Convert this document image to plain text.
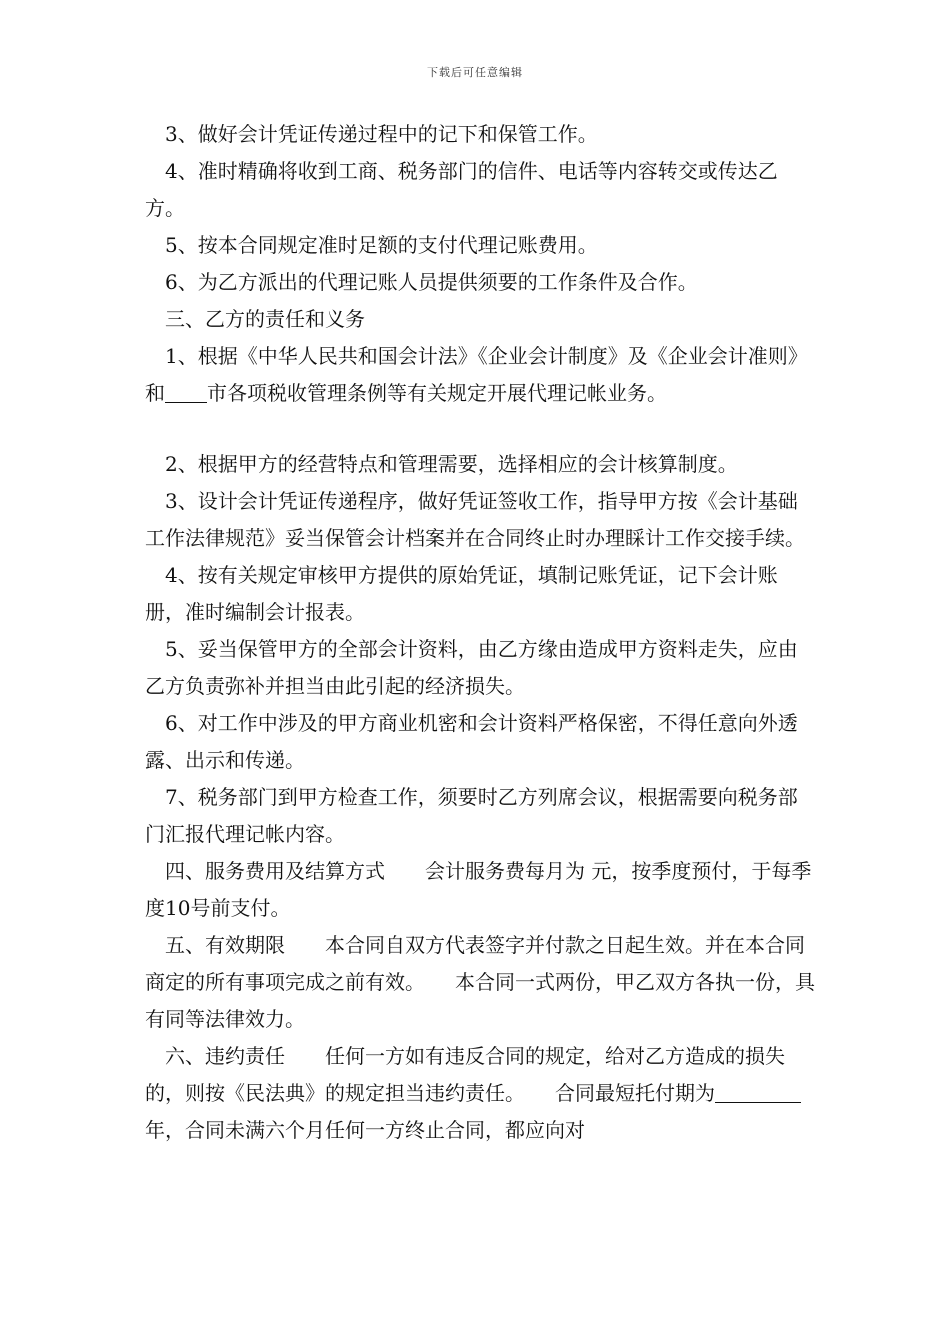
下载后可任意编辑

3、做好会计凭证传递过程中的记下和保管工作。

4、准时精确将收到工商、税务部门的信件、电话等内容转交或传达乙方。

5、按本合同规定准时足额的支付代理记账费用。

6、为乙方派出的代理记账人员提供须要的工作条件及合作。

三、乙方的责任和义务

1、根据《中华人民共和国会计法》《企业会计制度》及《企业会计准则》和 市各项税收管理条例等有关规定开展代理记帐业务。

2、根据甲方的经营特点和管理需要，选择相应的会计核算制度。

3、设计会计凭证传递程序，做好凭证签收工作，指导甲方按《会计基础工作法律规范》妥当保管会计档案并在合同终止时办理睬计工作交接手续。

4、按有关规定审核甲方提供的原始凭证，填制记账凭证，记下会计账册，准时编制会计报表。

5、妥当保管甲方的全部会计资料，由乙方缘由造成甲方资料走失，应由乙方负责弥补并担当由此引起的经济损失。

6、对工作中涉及的甲方商业机密和会计资料严格保密，不得任意向外透露、出示和传递。

7、税务部门到甲方检查工作，须要时乙方列席会议，根据需要向税务部门汇报代理记帐内容。

四、服务费用及结算方式　　会计服务费每月为 元，按季度预付，于每季度10号前支付。

五、有效期限　　本合同自双方代表签字并付款之日起生效。并在本合同商定的所有事项完成之前有效。　　本合同一式两份，甲乙双方各执一份，具有同等法律效力。

六、违约责任　　任何一方如有违反合同的规定，给对乙方造成的损失的，则按《民法典》的规定担当违约责任。　　合同最短托付期为年，合同未满六个月任何一方终止合同，都应向对
